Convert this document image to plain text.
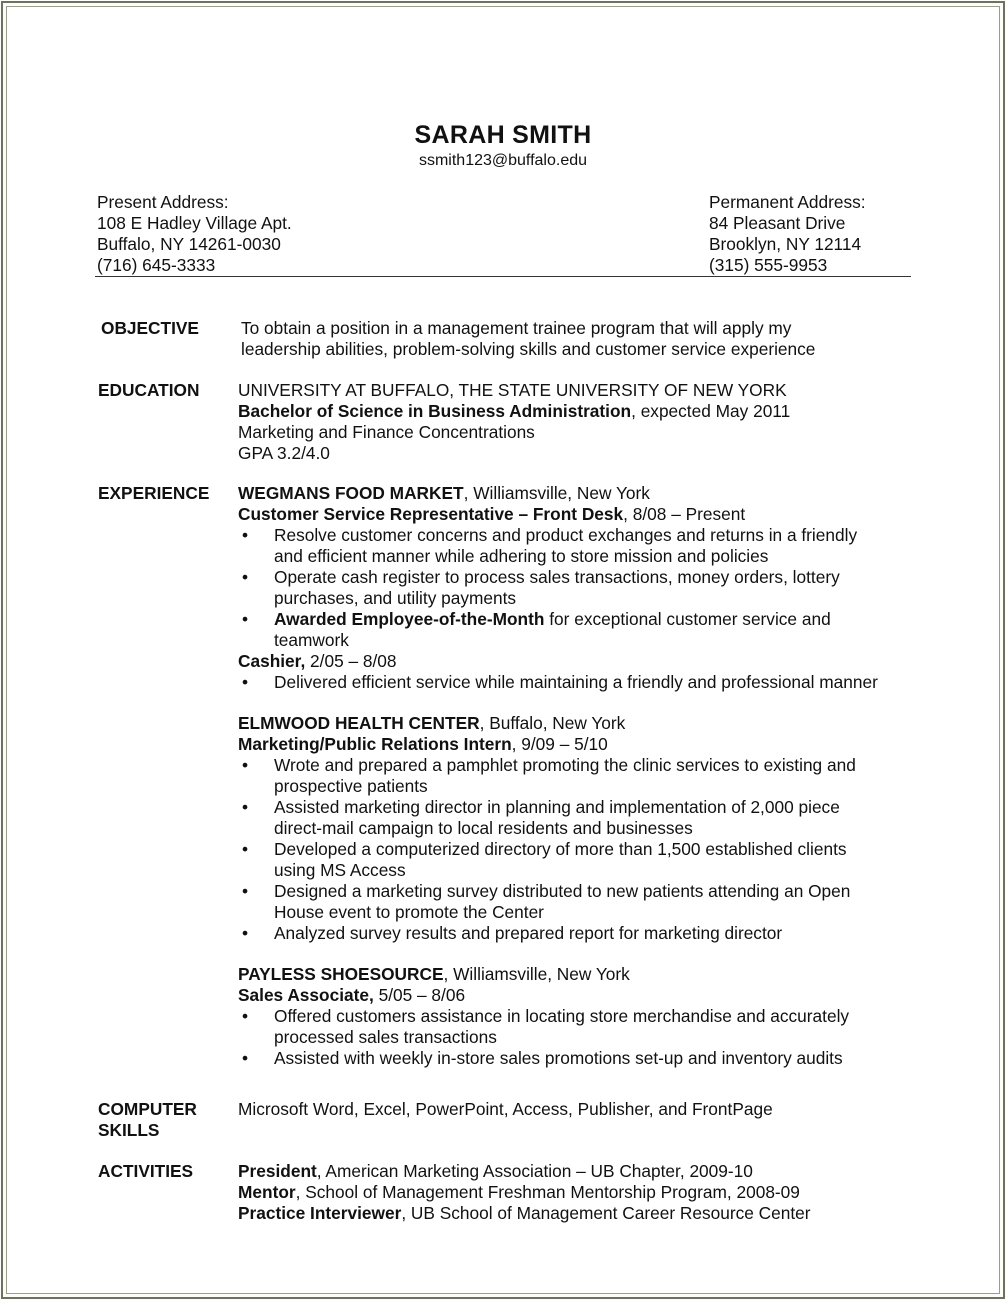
SARAH SMITH
ssmith123@buffalo.edu
Present Address:
108 E Hadley Village Apt.
Buffalo, NY 14261-0030
(716) 645-3333
Permanent Address:
84 Pleasant Drive
Brooklyn, NY 12114
(315) 555-9953
OBJECTIVE To obtain a position in a management trainee program that will apply my
leadership abilities, problem-solving skills and customer service experience
EDUCATION UNIVERSITY AT BUFFALO, THE STATE UNIVERSITY OF NEW YORK
Bachelor of Science in Business Administration, expected May 2011
Marketing and Finance Concentrations
GPA 3.2/4.0
EXPERIENCE WEGMANS FOOD MARKET, Williamsville, New York
Customer Service Representative – Front Desk, 8/08 – Present
• Resolve customer concerns and product exchanges and returns in a friendly
and efficient manner while adhering to store mission and policies
• Operate cash register to process sales transactions, money orders, lottery
purchases, and utility payments
• Awarded Employee-of-the-Month for exceptional customer service and
teamwork
Cashier, 2/05 – 8/08
• Delivered efficient service while maintaining a friendly and professional manner
ELMWOOD HEALTH CENTER, Buffalo, New York
Marketing/Public Relations Intern, 9/09 – 5/10
• Wrote and prepared a pamphlet promoting the clinic services to existing and
prospective patients
• Assisted marketing director in planning and implementation of 2,000 piece
direct-mail campaign to local residents and businesses
• Developed a computerized directory of more than 1,500 established clients
using MS Access
• Designed a marketing survey distributed to new patients attending an Open
House event to promote the Center
• Analyzed survey results and prepared report for marketing director
PAYLESS SHOESOURCE, Williamsville, New York
Sales Associate, 5/05 – 8/06
• Offered customers assistance in locating store merchandise and accurately
processed sales transactions
• Assisted with weekly in-store sales promotions set-up and inventory audits
COMPUTER
SKILLS
Microsoft Word, Excel, PowerPoint, Access, Publisher, and FrontPage
ACTIVITIES	President, American Marketing Association – UB Chapter, 2009-10
Mentor, School of Management Freshman Mentorship Program, 2008-09
Practice Interviewer, UB School of Management Career Resource Center
